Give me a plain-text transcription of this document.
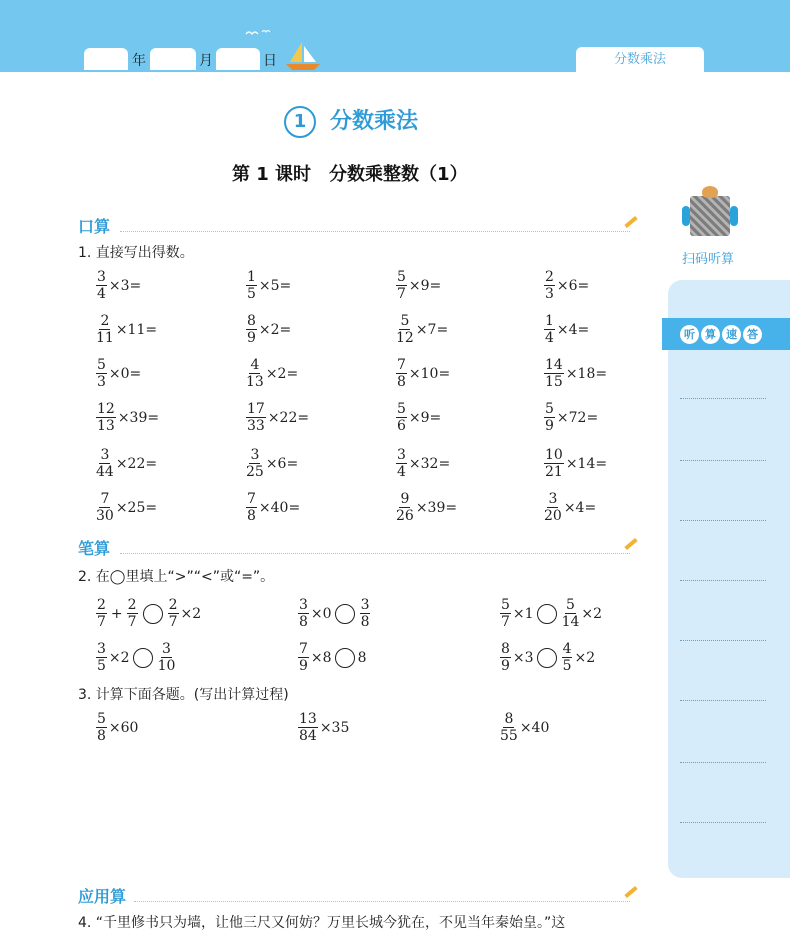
年	月	日	分数乘法
1 分数乘法
第 1 课时　分数乘整数（1）
扫码听算
听 算 速 答
口算
1. 直接写出得数。
$\frac{3}{4} \times 3=$	$\frac{1}{5} \times 5=$	$\frac{5}{7} \times 9=$	$\frac{2}{3} \times 6=$
$\frac{2}{11} \times 11=$	$\frac{8}{9} \times 2=$	$\frac{5}{12} \times 7=$	$\frac{1}{4} \times 4=$
$\frac{5}{3} \times 0=$	$\frac{4}{13} \times 2=$	$\frac{7}{8} \times 10=$	$\frac{14}{15} \times 18=$
$\frac{12}{13} \times 39=$	$\frac{17}{33} \times 22=$	$\frac{5}{6} \times 9=$	$\frac{5}{9} \times 72=$
$\frac{3}{44} \times 22=$	$\frac{3}{25} \times 6=$	$\frac{3}{4} \times 32=$	$\frac{10}{21} \times 14=$
$\frac{7}{30} \times 25=$	$\frac{7}{8} \times 40=$	$\frac{9}{26} \times 39=$	$\frac{3}{20} \times 4=$
笔算
2. 在◯里填上“>”“<”或“=”。
$\frac{2}{7} + \frac{2}{7} \frac{2}{7} \times 2$	$\frac{3}{8} \times 0 \frac{3}{8}$	$\frac{5}{7} \times 1 \frac{5}{14} \times 2$
$\frac{3}{5} \times 2 \frac{3}{10}$	$\frac{7}{9} \times 8$ 8	$\frac{8}{9} \times 3 \frac{4}{5} \times 2$
3. 计算下面各题。(写出计算过程)
$\frac{5}{8} \times 60$	$\frac{13}{84} \times 35$	$\frac{8}{55} \times 40$
应用算
4. “千里修书只为墙，让他三尺又何妨？万里长城今犹在，不见当年秦始皇。”这
